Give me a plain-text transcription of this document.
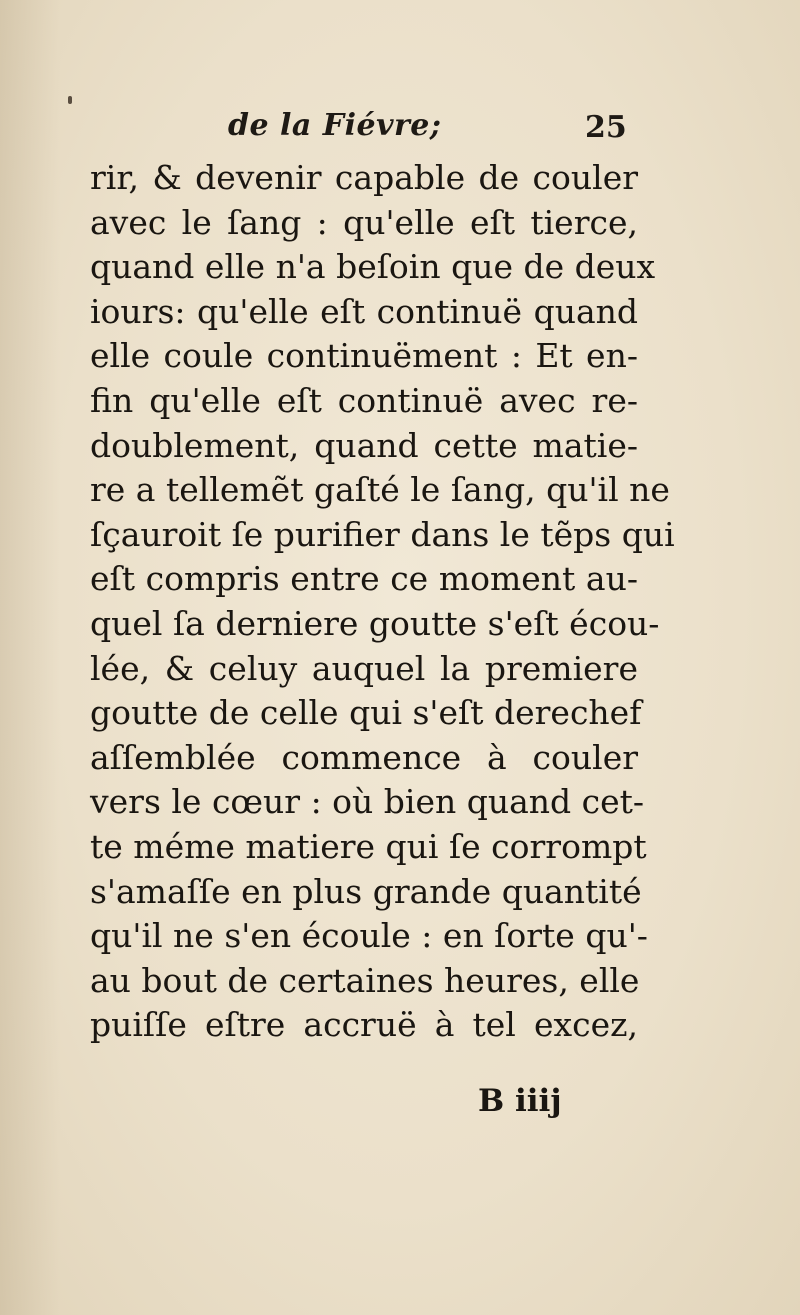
de la Fiévre;	25
rir, & devenir capable de couler
avec le ſang : qu'elle eſt tierce,
quand elle n'a beſoin que de deux
iours: qu'elle eſt continuë quand
elle coule continuëment : Et en-
fin qu'elle eſt continuë avec re-
doublement, quand cette matie-
re a tellemẽt gaſté le ſang, qu'il ne
ſçauroit ſe purifier dans le tẽps qui
eſt compris entre ce moment au-
quel ſa derniere goutte s'eſt écou-
lée, & celuy auquel la premiere
goutte de celle qui s'eſt derechef
aſſemblée commence à couler
vers le cœur : où bien quand cet-
te méme matiere qui ſe corrompt
s'amaſſe en plus grande quantité
qu'il ne s'en écoule : en ſorte qu'-
au bout de certaines heures, elle
puiſſe eſtre accruë à tel excez,
B iiij
